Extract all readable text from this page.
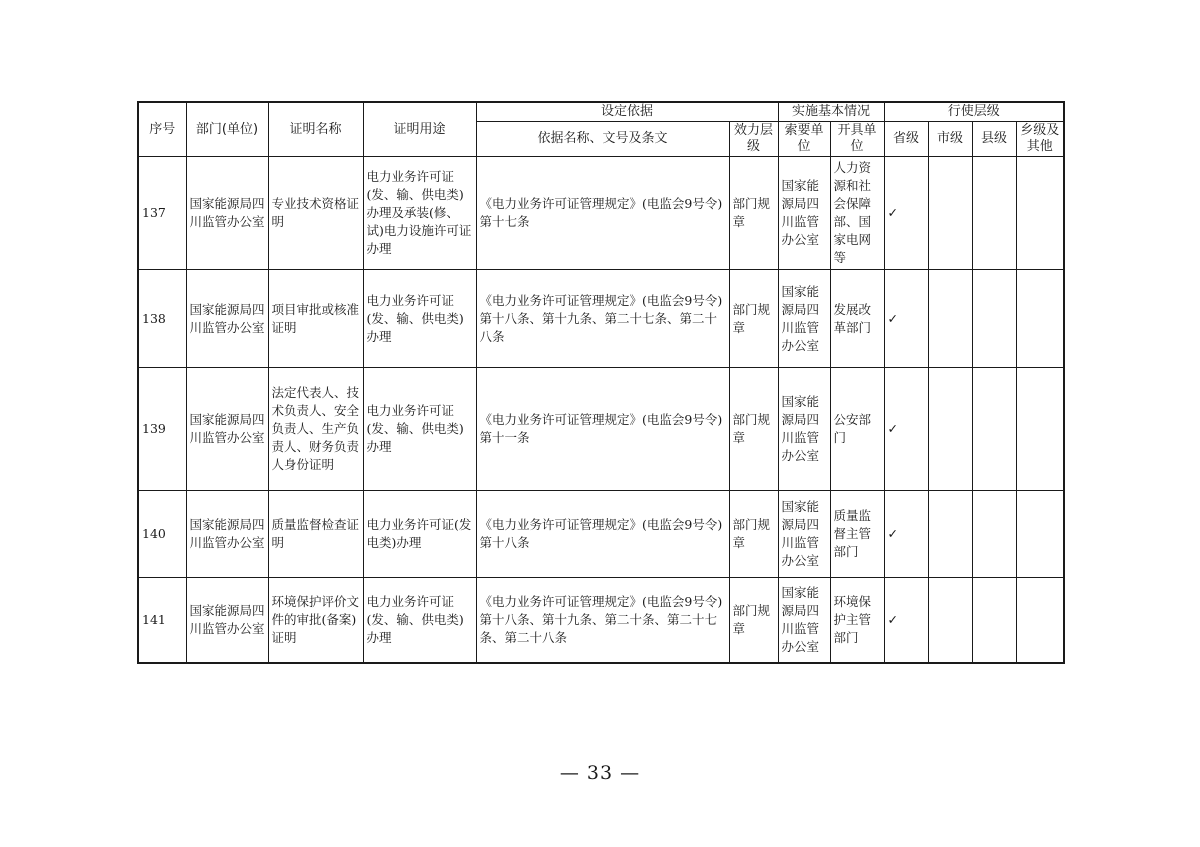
序号	部门(单位)	证明名称	证明用途	设定依据		实施基本情况		行使层级			
				依据名称、文号及条文	效力层级	索要单位	开具单位	省级	市级	县级	乡级及其他
137	国家能源局四川监管办公室	专业技术资格证明	电力业务许可证(发、输、供电类)办理及承装(修、试)电力设施许可证办理	《电力业务许可证管理规定》(电监会9号令)第十七条	部门规章	国家能源局四川监管办公室	人力资源和社会保障部、国家电网等	✓			
138	国家能源局四川监管办公室	项目审批或核准证明	电力业务许可证(发、输、供电类)办理	《电力业务许可证管理规定》(电监会9号令)第十八条、第十九条、第二十七条、第二十八条	部门规章	国家能源局四川监管办公室	发展改革部门	✓			
139	国家能源局四川监管办公室	法定代表人、技术负责人、安全负责人、生产负责人、财务负责人身份证明	电力业务许可证(发、输、供电类)办理	《电力业务许可证管理规定》(电监会9号令)第十一条	部门规章	国家能源局四川监管办公室	公安部门	✓			
140	国家能源局四川监管办公室	质量监督检查证明	电力业务许可证(发电类)办理	《电力业务许可证管理规定》(电监会9号令)第十八条	部门规章	国家能源局四川监管办公室	质量监督主管部门	✓			
141	国家能源局四川监管办公室	环境保护评价文件的审批(备案)证明	电力业务许可证(发、输、供电类)办理	《电力业务许可证管理规定》(电监会9号令)第十八条、第十九条、第二十条、第二十七条、第二十八条	部门规章	国家能源局四川监管办公室	环境保护主管部门	✓			
— 33 —
